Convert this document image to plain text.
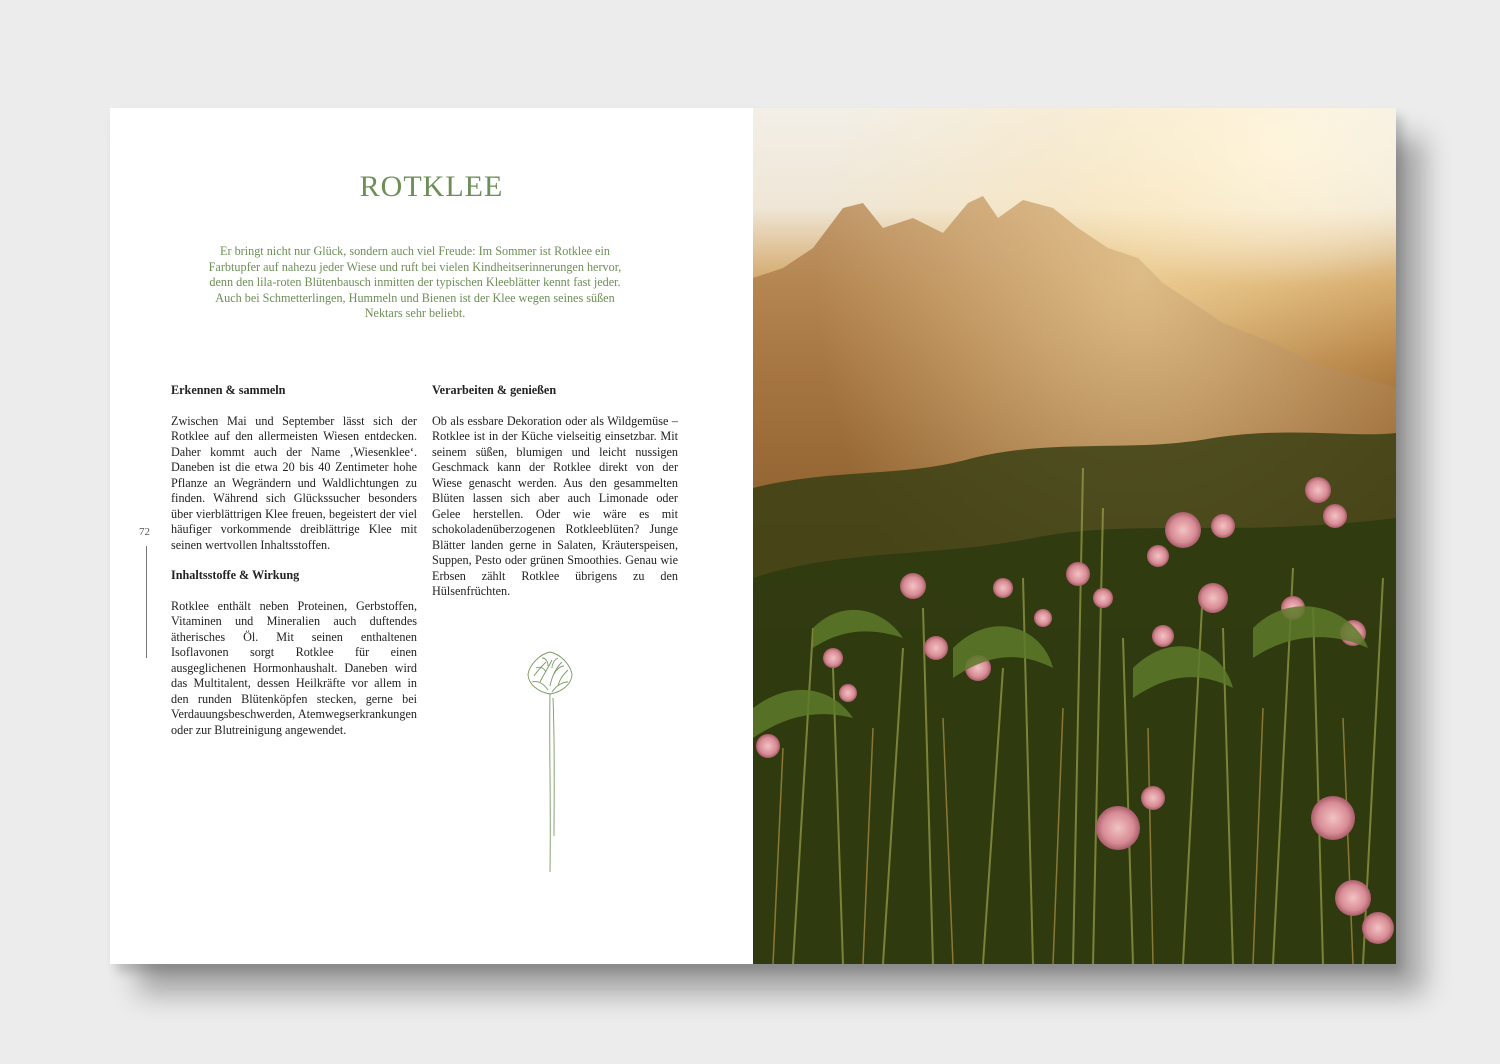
ROTKLEE
Er bringt nicht nur Glück, sondern auch viel Freude: Im Sommer ist Rotklee ein Farbtupfer auf nahezu jeder Wiese und ruft bei vielen Kindheitserinnerungen hervor, denn den lila-roten Blütenbausch inmitten der typischen Kleeblätter kennt fast jeder. Auch bei Schmetterlingen, Hummeln und Bienen ist der Klee wegen seines süßen Nektars sehr beliebt.
72
Erkennen & sammeln

Zwischen Mai und September lässt sich der Rotklee auf den allermeisten Wiesen entdecken. Daher kommt auch der Name ‚Wiesenklee‘. Daneben ist die etwa 20 bis 40 Zentimeter hohe Pflanze an Wegrändern und Waldlichtungen zu finden. Während sich Glückssucher besonders über vierblättrigen Klee freuen, begeistert der viel häufiger vorkommende dreiblättrige Klee mit seinen wertvollen Inhaltsstoffen.

Inhaltsstoffe & Wirkung

Rotklee enthält neben Proteinen, Gerbstoffen, Vitaminen und Mineralien auch duftendes ätherisches Öl. Mit seinen enthaltenen Isoflavonen sorgt Rotklee für einen ausgeglichenen Hormonhaushalt. Daneben wird das Multitalent, dessen Heilkräfte vor allem in den runden Blütenköpfen stecken, gerne bei Verdauungsbeschwerden, Atemwegserkrankungen oder zur Blutreinigung angewendet.

Verarbeiten & genießen

Ob als essbare Dekoration oder als Wildgemüse – Rotklee ist in der Küche vielseitig einsetzbar. Mit seinem süßen, blumigen und leicht nussigen Geschmack kann der Rotklee direkt von der Wiese genascht werden. Aus den gesammelten Blüten lassen sich aber auch Limonade oder Gelee herstellen. Oder wie wäre es mit schokoladenüberzogenen Rotkleeblüten? Junge Blätter landen gerne in Salaten, Kräuterspeisen, Suppen, Pesto oder grünen Smoothies. Genau wie Erbsen zählt Rotklee übrigens zu den Hülsenfrüchten.
